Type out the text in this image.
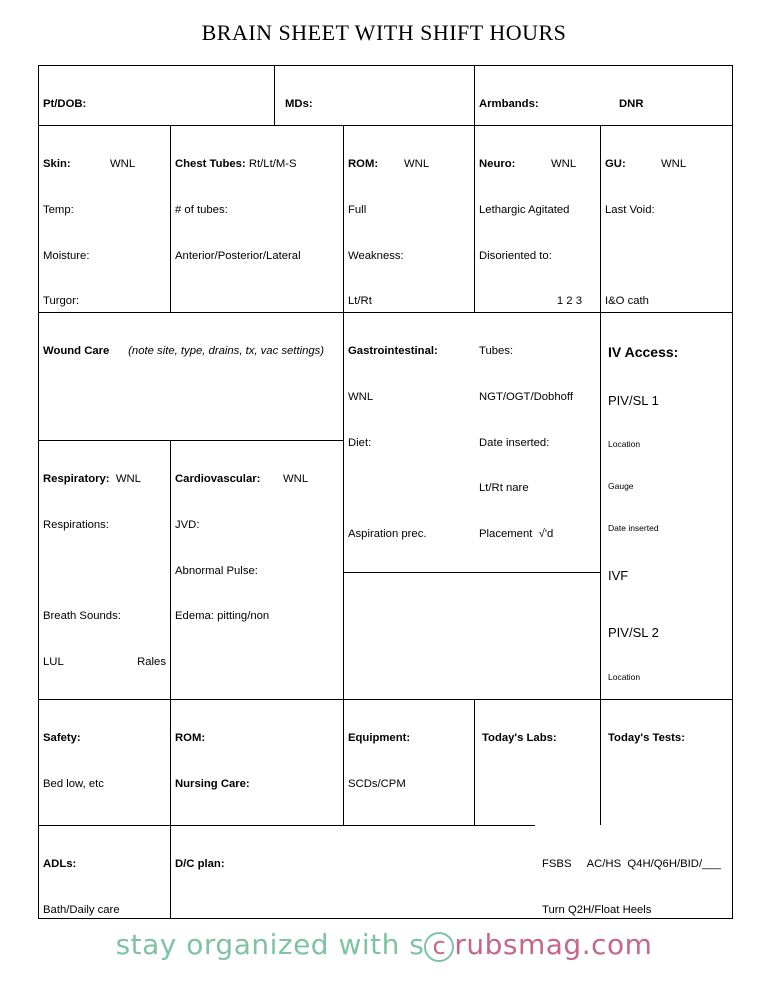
BRAIN SHEET WITH SHIFT HOURS

Pt/DOB:

	MDs:

	Armbands:	DNR

Skin:	WNL

Temp:

Moisture:

Turgor:

Chest Tubes: Rt/Lt/M-S

# of tubes:

Anterior/Posterior/Lateral

ROM:	WNL

Full

Weakness:

Lt/Rt

Neuro:	WNL

Lethargic Agitated

Disoriented to:

1 2 3

GU:	WNL

Last Void:

I&O cath

Wound Care (note site, type, drains, tx, vac settings)

	Gastrointestinal:

WNL

Diet:

Aspiration prec.

Tubes:

NGT/OGT/Dobhoff

Date inserted:

Lt/Rt nare

Placement  √'d

IV Access:

PIV/SL 1

Location

Gauge

Date inserted

IVF

PIV/SL 2

Location

Respiratory: WNL

Respirations:

Breath Sounds:

LUL	Rales

Cardiovascular:	WNL

JVD:

Abnormal Pulse:

Edema: pitting/non

Safety:

Bed low, etc

ROM:

Nursing Care:

Equipment:

SCDs/CPM

Today's Labs:

	Today's Tests:

ADLs:

Bath/Daily care

D/C plan:

	FSBS     AC/HS  Q4H/Q6H/BID/___

Turn Q2H/Float Heels

stay organized with s c rubsmag.com
